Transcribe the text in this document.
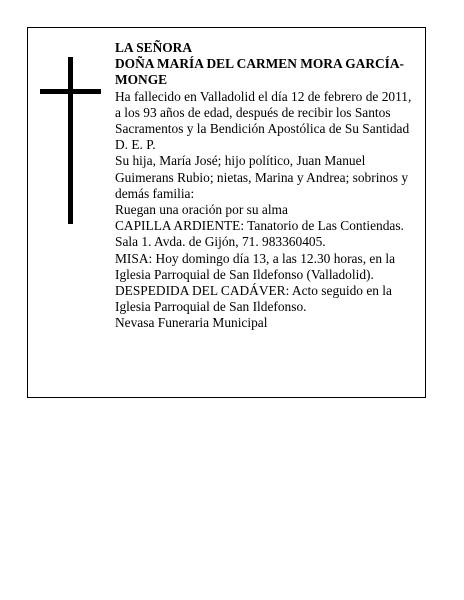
LA SEÑORA

DOÑA MARÍA DEL CARMEN MORA GARCÍA-MONGE

Ha fallecido en Valladolid el día 12 de febrero de 2011, a los 93 años de edad, después de recibir los Santos Sacramentos y la Bendición Apostólica de Su Santidad

D. E. P.

Su hija, María José; hijo político, Juan Manuel Guimerans Rubio; nietas, Marina y Andrea; sobrinos y demás familia:

Ruegan una oración por su alma

CAPILLA ARDIENTE: Tanatorio de Las Contiendas. Sala 1. Avda. de Gijón, 71. 983360405.

MISA: Hoy domingo día 13, a las 12.30 horas, en la Iglesia Parroquial de San Ildefonso (Valladolid).

DESPEDIDA DEL CADÁVER: Acto seguido en la Iglesia Parroquial de San Ildefonso.

Nevasa Funeraria Municipal
